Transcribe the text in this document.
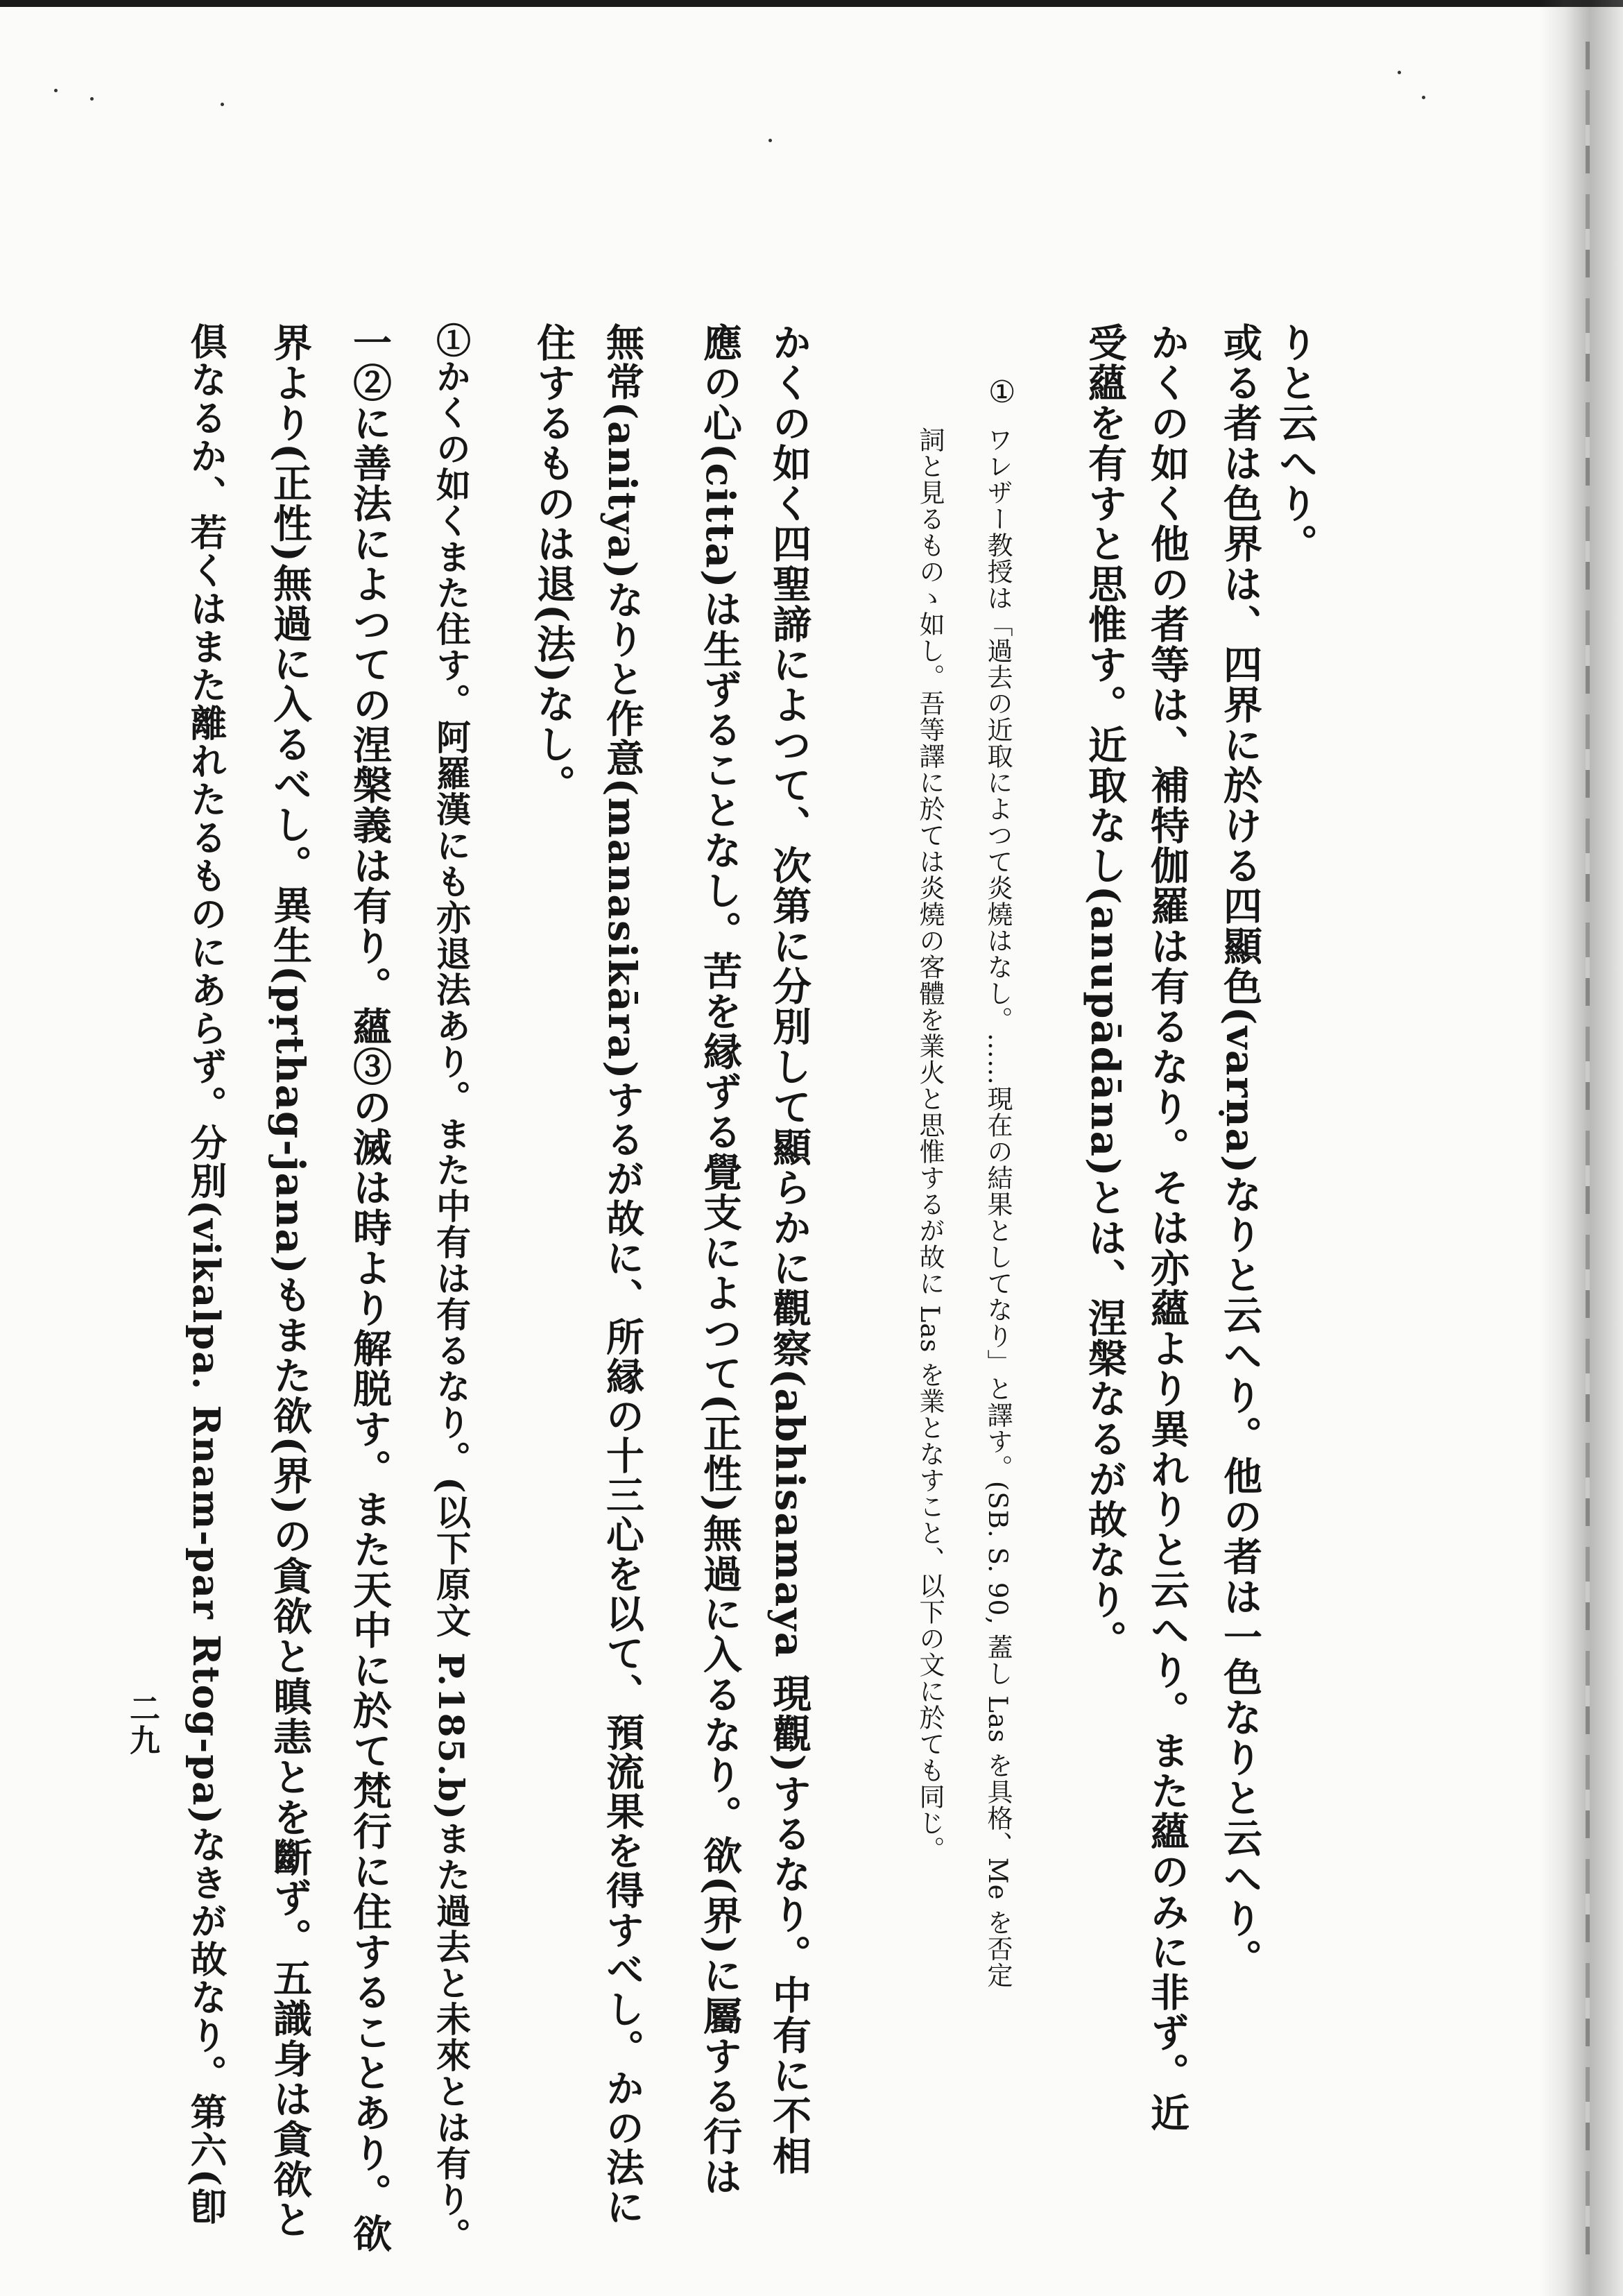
りと云へり。
或る者は色界は、四界に於ける四顯色(varṇa)なりと云へり。他の者は一色なりと云へり。
かくの如く他の者等は、補特伽羅は有るなり。そは亦蘊より異れりと云へり。また蘊のみに非ず。近
受蘊を有すと思惟す。近取なし(anupādāna)とは、涅槃なるが故なり。
①
ワレザー教授は「過去の近取によつて炎燒はなし。……現在の結果としてなり」と譯す。(SB. S. 90, 蓋し Las を具格、Me を否定
詞と見るものゝ如し。吾等譯に於ては炎燒の客體を業火と思惟するが故に Las を業となすこと、以下の文に於ても同じ。
かくの如く四聖諦によつて、次第に分別して顯らかに觀察(abhisamaya 現觀)するなり。中有に不相
應の心(citta)は生ずることなし。苦を縁ずる覺支によつて(正性)無過に入るなり。欲(界)に屬する行は
無常(anitya)なりと作意(manasikāra)するが故に、所縁の十三心を以て、預流果を得すべし。かの法に
住するものは退(法)なし。
①かくの如くまた住す。阿羅漢にも亦退法あり。また中有は有るなり。(以下原文 P.185.b)また過去と未來とは有り。
一②に善法によつての涅槃義は有り。蘊③の滅は時より解脱す。また天中に於て梵行に住することあり。欲
界より(正性)無過に入るべし。異生(pṛthag-jana)もまた欲(界)の貪欲と瞋恚とを斷ず。五識身は貪欲と
倶なるか、若くはまた離れたるものにあらず。分別(vikalpa. Rnam-par Rtog-pa)なきが故なり。第六(卽
二九
